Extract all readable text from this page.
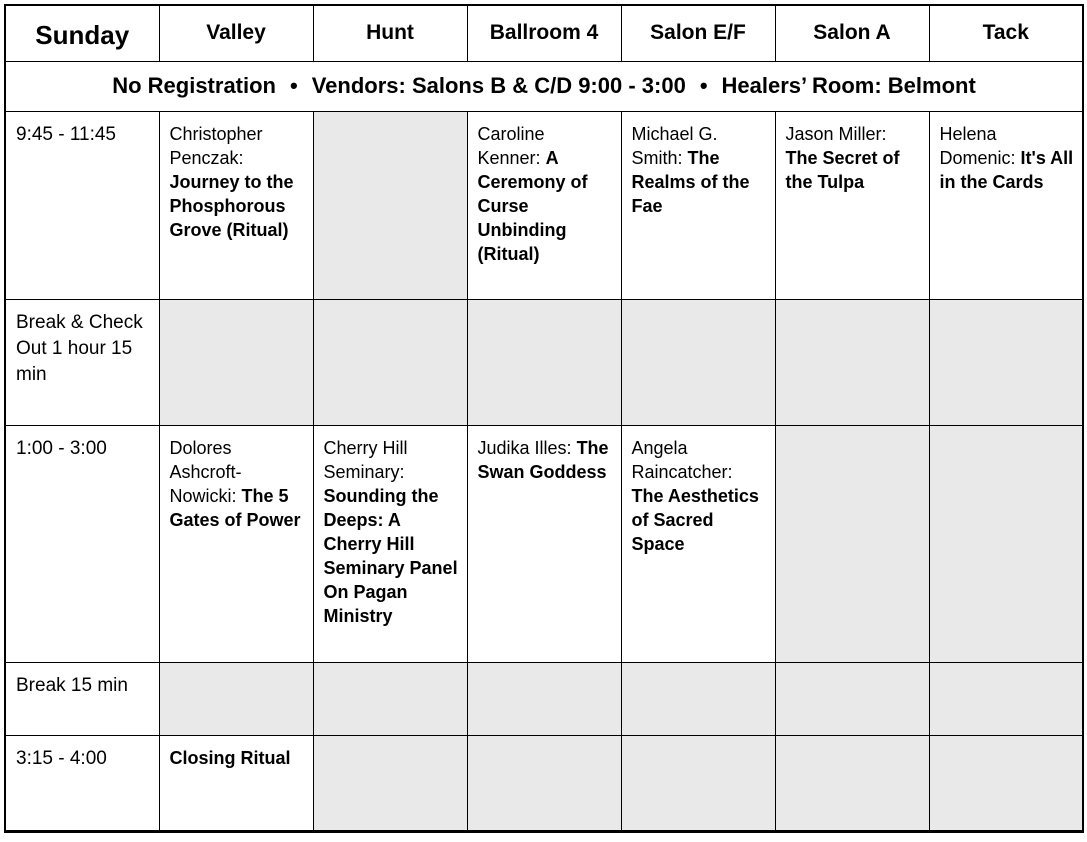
Sunday	Valley	Hunt	Ballroom 4	Salon E/F	Salon A	Tack
No Registration • Vendors: Salons B & C/D 9:00 - 3:00 • Healers’ Room: Belmont						
9:45 - 11:45	Christopher Penczak: Journey to the Phosphorous Grove (Ritual)		Caroline Kenner: A Ceremony of Curse Unbinding (Ritual)	Michael G. Smith: The Realms of the Fae	Jason Miller: The Secret of the Tulpa	Helena Domenic: It's All in the Cards
Break & Check Out 1 hour 15 min						
1:00 - 3:00	Dolores Ashcroft-Nowicki: The 5 Gates of Power	Cherry Hill Seminary: Sounding the Deeps: A Cherry Hill Seminary Panel On Pagan Ministry	Judika Illes: The Swan Goddess	Angela Raincatcher: The Aesthetics of Sacred Space		
Break 15 min						
3:15 - 4:00	Closing Ritual					
